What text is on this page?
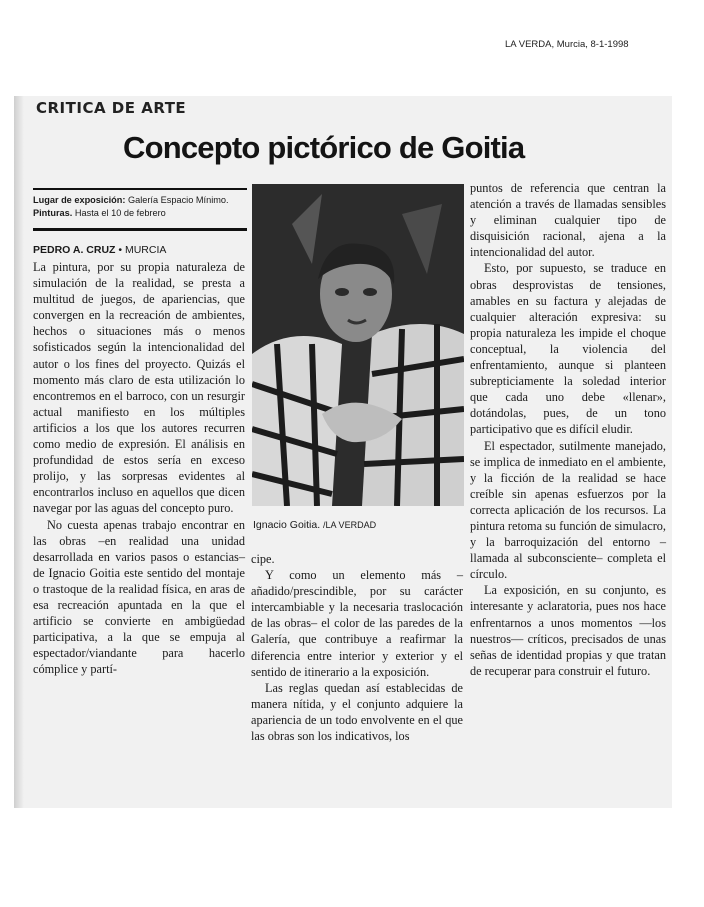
LA VERDA, Murcia, 8-1-1998
CRITICA DE ARTE
Concepto pictórico de Goitia
Lugar de exposición: Galería Espacio Mínimo. Pinturas. Hasta el 10 de febrero
PEDRO A. CRUZ • MURCIA

La pintura, por su propia naturaleza de simulación de la realidad, se presta a multitud de juegos, de apariencias, que convergen en la recreación de ambientes, hechos o situaciones más o menos sofisticados según la intencionalidad del autor o los fines del proyecto. Quizás el momento más claro de esta utilización lo encontremos en el barroco, con un resurgir actual manifiesto en los múltiples artificios a los que los autores recurren como medio de expresión. El análisis en profundidad de estos sería en exceso prolijo, y las sorpresas evidentes al encontrarlos incluso en aquellos que dicen navegar por las aguas del concepto puro.

No cuesta apenas trabajo encontrar en las obras –en realidad una unidad desarrollada en varios pasos o estancias– de Ignacio Goitia este sentido del montaje o trastoque de la realidad física, en aras de esa recreación apuntada en la que el artificio se convierte en ambigüedad participativa, a la que se empuja al espectador/viandante para hacerlo cómplice y partí-

Ignacio Goitia. /LA VERDAD

cipe.

Y como un elemento más –añadido/prescindible, por su carácter intercambiable y la necesaria traslocación de las obras– el color de las paredes de la Galería, que contribuye a reafirmar la diferencia entre interior y exterior y el sentido de itinerario a la exposición.

Las reglas quedan así establecidas de manera nítida, y el conjunto adquiere la apariencia de un todo envolvente en el que las obras son los indicativos, los

puntos de referencia que centran la atención a través de llamadas sensibles y eliminan cualquier tipo de disquisición racional, ajena a la intencionalidad del autor.

Esto, por supuesto, se traduce en obras desprovistas de tensiones, amables en su factura y alejadas de cualquier alteración expresiva: su propia naturaleza les impide el choque conceptual, la violencia del enfrentamiento, aunque si planteen subrepticiamente la soledad interior que cada uno debe «llenar», dotándolas, pues, de un tono participativo que es difícil eludir.

El espectador, sutilmente manejado, se implica de inmediato en el ambiente, y la ficción de la realidad se hace creíble sin apenas esfuerzos por la correcta aplicación de los recursos. La pintura retoma su función de simulacro, y la barroquización del entorno –llamada al subconsciente– completa el círculo.

La exposición, en su conjunto, es interesante y aclaratoria, pues nos hace enfrentarnos a unos momentos —los nuestros— críticos, precisados de unas señas de identidad propias y que tratan de recuperar para construir el futuro.
